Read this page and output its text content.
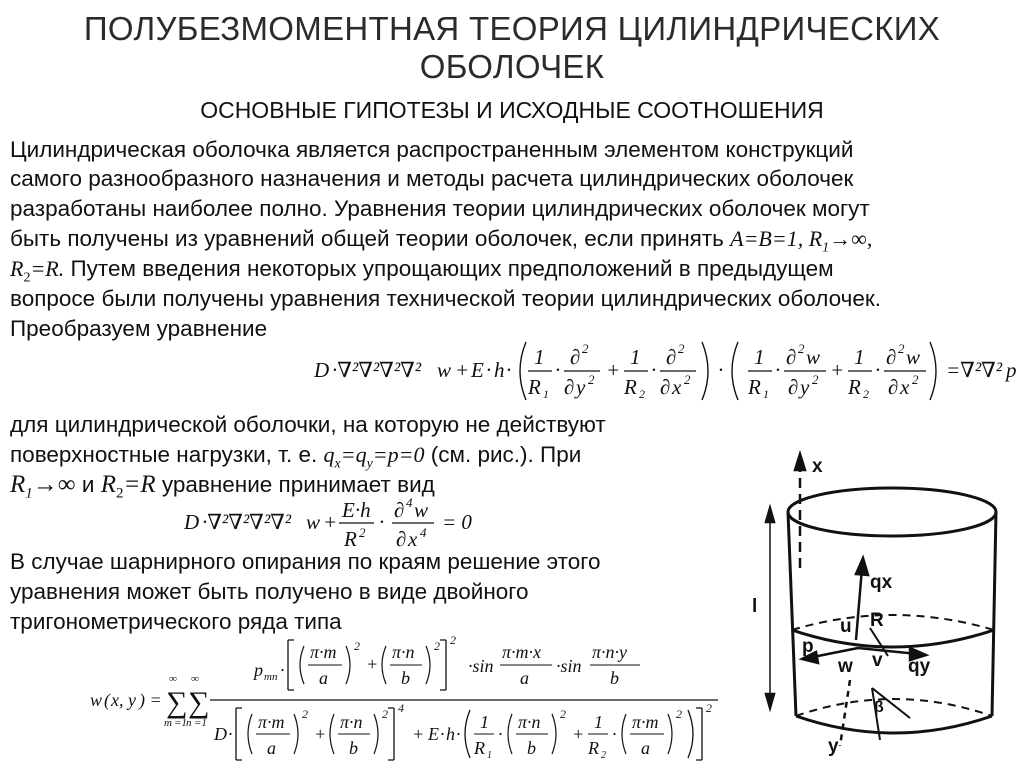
ПОЛУБЕЗМОМЕНТНАЯ ТЕОРИЯ ЦИЛИНДРИЧЕСКИХ
ОБОЛОЧЕК
ОСНОВНЫЕ ГИПОТЕЗЫ И ИСХОДНЫЕ СООТНОШЕНИЯ
Цилиндрическая оболочка является распространенным элементом конструкций
самого разнообразного назначения и методы расчета цилиндрических оболочек
разработаны наиболее полно. Уравнения теории цилиндрических оболочек могут
быть получены из уравнений общей теории оболочек, если принять A=B=1, $R_1\to\infty$,
$R_2=R$. Путем введения некоторых упрощающих предположений в предыдущем
вопросе были получены уравнения технической теории цилиндрических оболочек.
Преобразуем уравнение
D ·∇²∇²∇²∇² w + E · h ·
1
R 1
·
∂ 2
∂ y 2 +
1
R 2
·
∂ 2
∂ x 2 ·
1
R 1
·
∂ 2 w
∂ y 2 +
1
R 2
·
∂ 2 w
∂ x 2 =∇²∇² p
для цилиндрической оболочки, на которую не действуют
поверхностные нагрузки, т. е. $q_x=q_y=p=0$ (см. рис.). При
$R_1\to\infty$ и $R_2=R$ уравнение принимает вид
D ·∇²∇²∇²∇² w + E·h
R 2 · ∂ 4 w
∂ x 4 = 0
В случае шарнирного опирания по краям решение этого
уравнения может быть получено в виде двойного
тригонометрического ряда типа
w ( x, y ) = ∑ ∑
∞ ∞
m =1 n =1
p mn ·
π·m
a
2
+
π·n
b
2 2
·sin
π·m·x
a
·sin
π·n·y
b
D ·
π·m
a
2
+
π·n
b
2 4
+ E · h ·
1
R 1
·
π·n
b
2
+
1
R 2
·
π·m
a
2 2
x
y
l
qx
u R
p
w v qy
β
